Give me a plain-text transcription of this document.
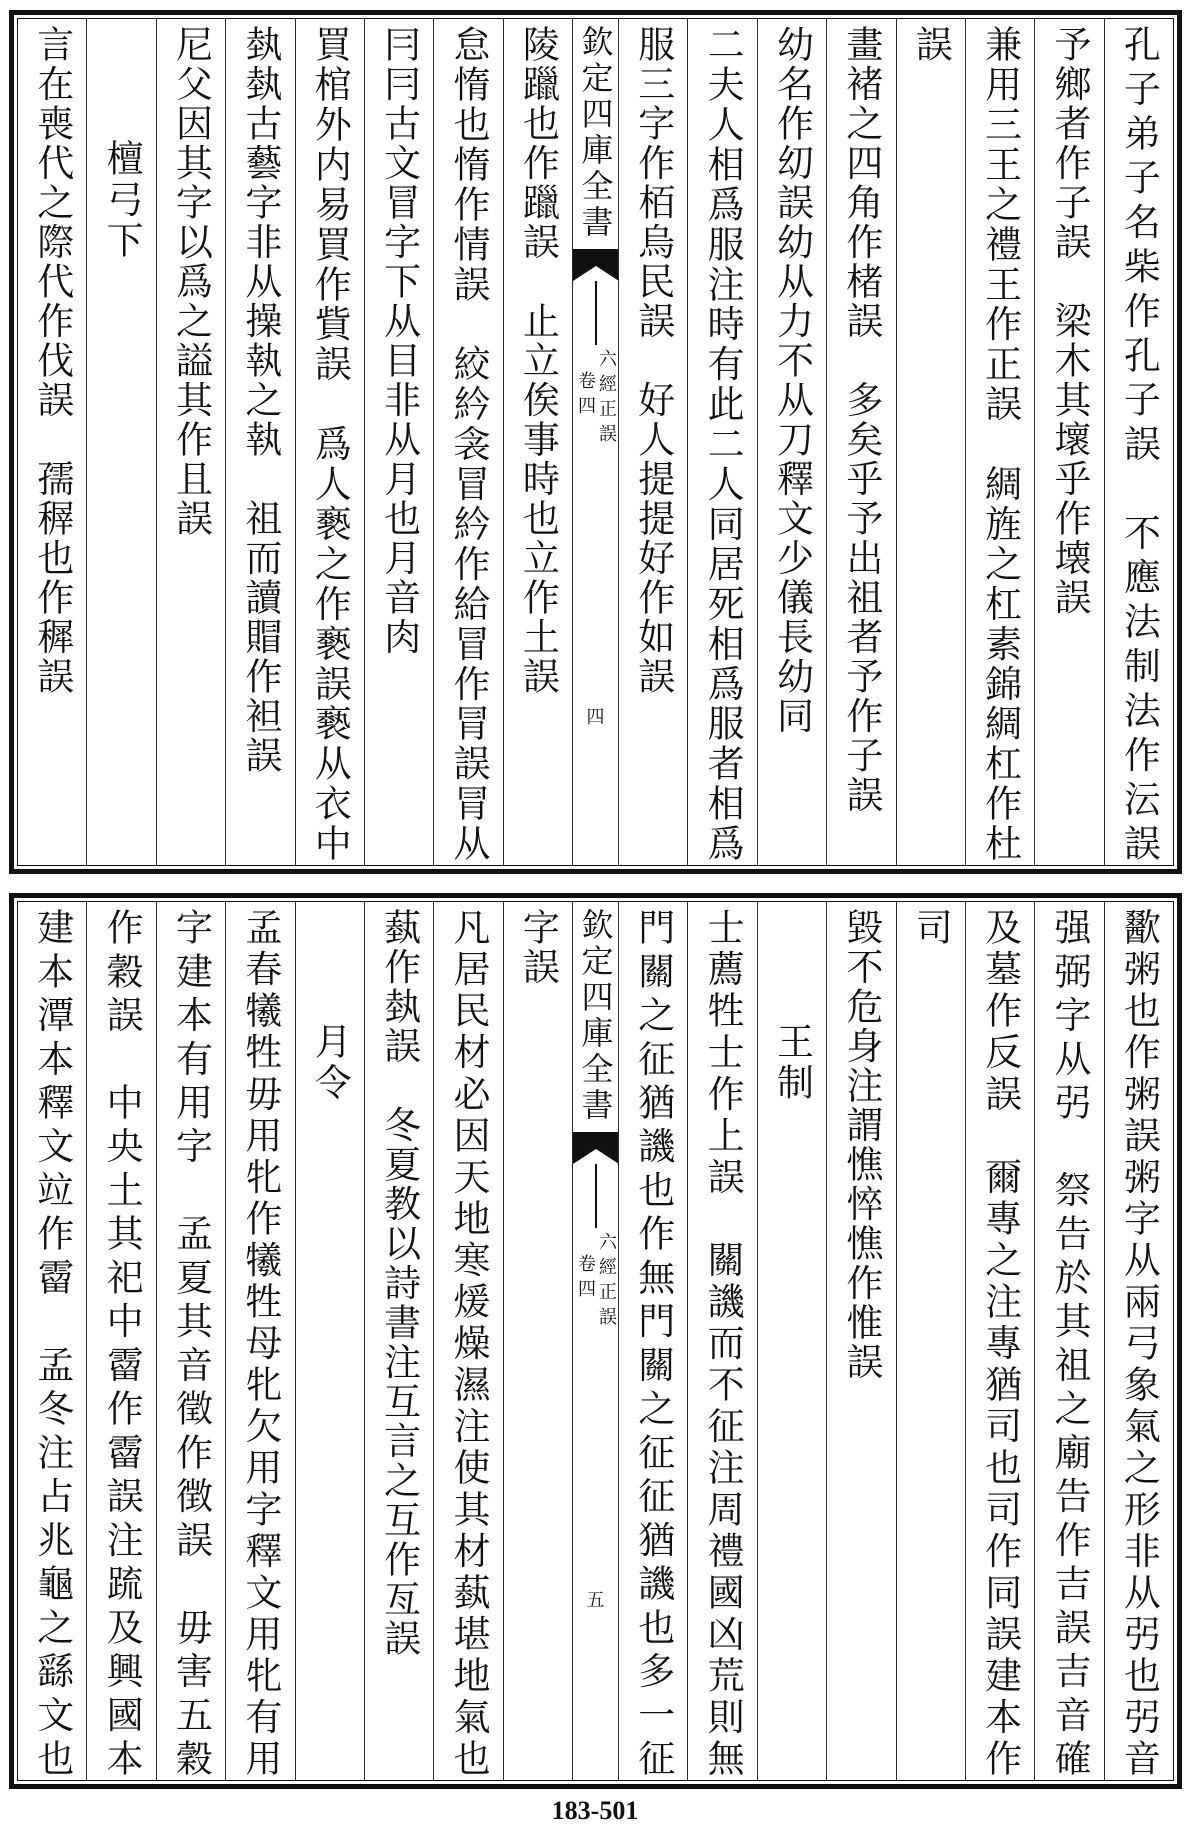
孔子弟子名柴作孔子誤　不應法制法作沄誤
予鄉者作子誤　梁木其壞乎作壊誤
兼用三王之禮王作正誤　綢旌之杠素錦綢杠作杜
誤
畫褚之四角作楮誤　多矣乎予出祖者予作子誤
幼名作㓜誤幼从力不从刀釋文少儀長幼同
二夫人相爲服注時有此二人同居死相爲服者相爲
服三字作栢烏民誤　好人提提好作如誤
欽定四庫全書
六經正誤
卷四
四
陵躐也作躐誤　止立俟事時也立作土誤
怠惰也惰作情誤　絞紟衾冒紟作給冒作冐誤冐从
冃冃古文冒字下从目非从月也月音肉
買棺外内易買作貲誤　爲人褻之作褻誤褻从衣中
埶埶古藝字非从操執之執　祖而讀賵作袒誤
尼父因其字以爲之謚其作且誤
檀弓下
言在喪代之際代作伐誤　孺稺也作穉誤
歠粥也作粥誤粥字从兩弓象氣之形非从弜也弜音
强弼字从弜　祭告於其祖之廟告作吉誤吉音確
及墓作反誤　爾專之注專猶司也司作同誤建本作
司
毀不危身注謂憔悴憔作惟誤
王制
士薦牲士作上誤　關譏而不征注周禮國凶荒則無
門關之征猶譏也作無門關之征征猶譏也多一征
欽定四庫全書
六經正誤
卷四
五
字誤
凡居民材必因天地寒煖燥濕注使其材蓺堪地氣也
蓺作埶誤　冬夏教以詩書注互言之互作亙誤
月令
孟春犧牲毋用牝作犧牲母牝欠用字釋文用牝有用
字建本有用字　孟夏其音徵作徴誤　毋害五穀
作穀誤　中央土其祀中霤作霤誤注䟽及興國本
建本潭本釋文竝作霤　孟冬注占兆龜之繇文也
183-501
